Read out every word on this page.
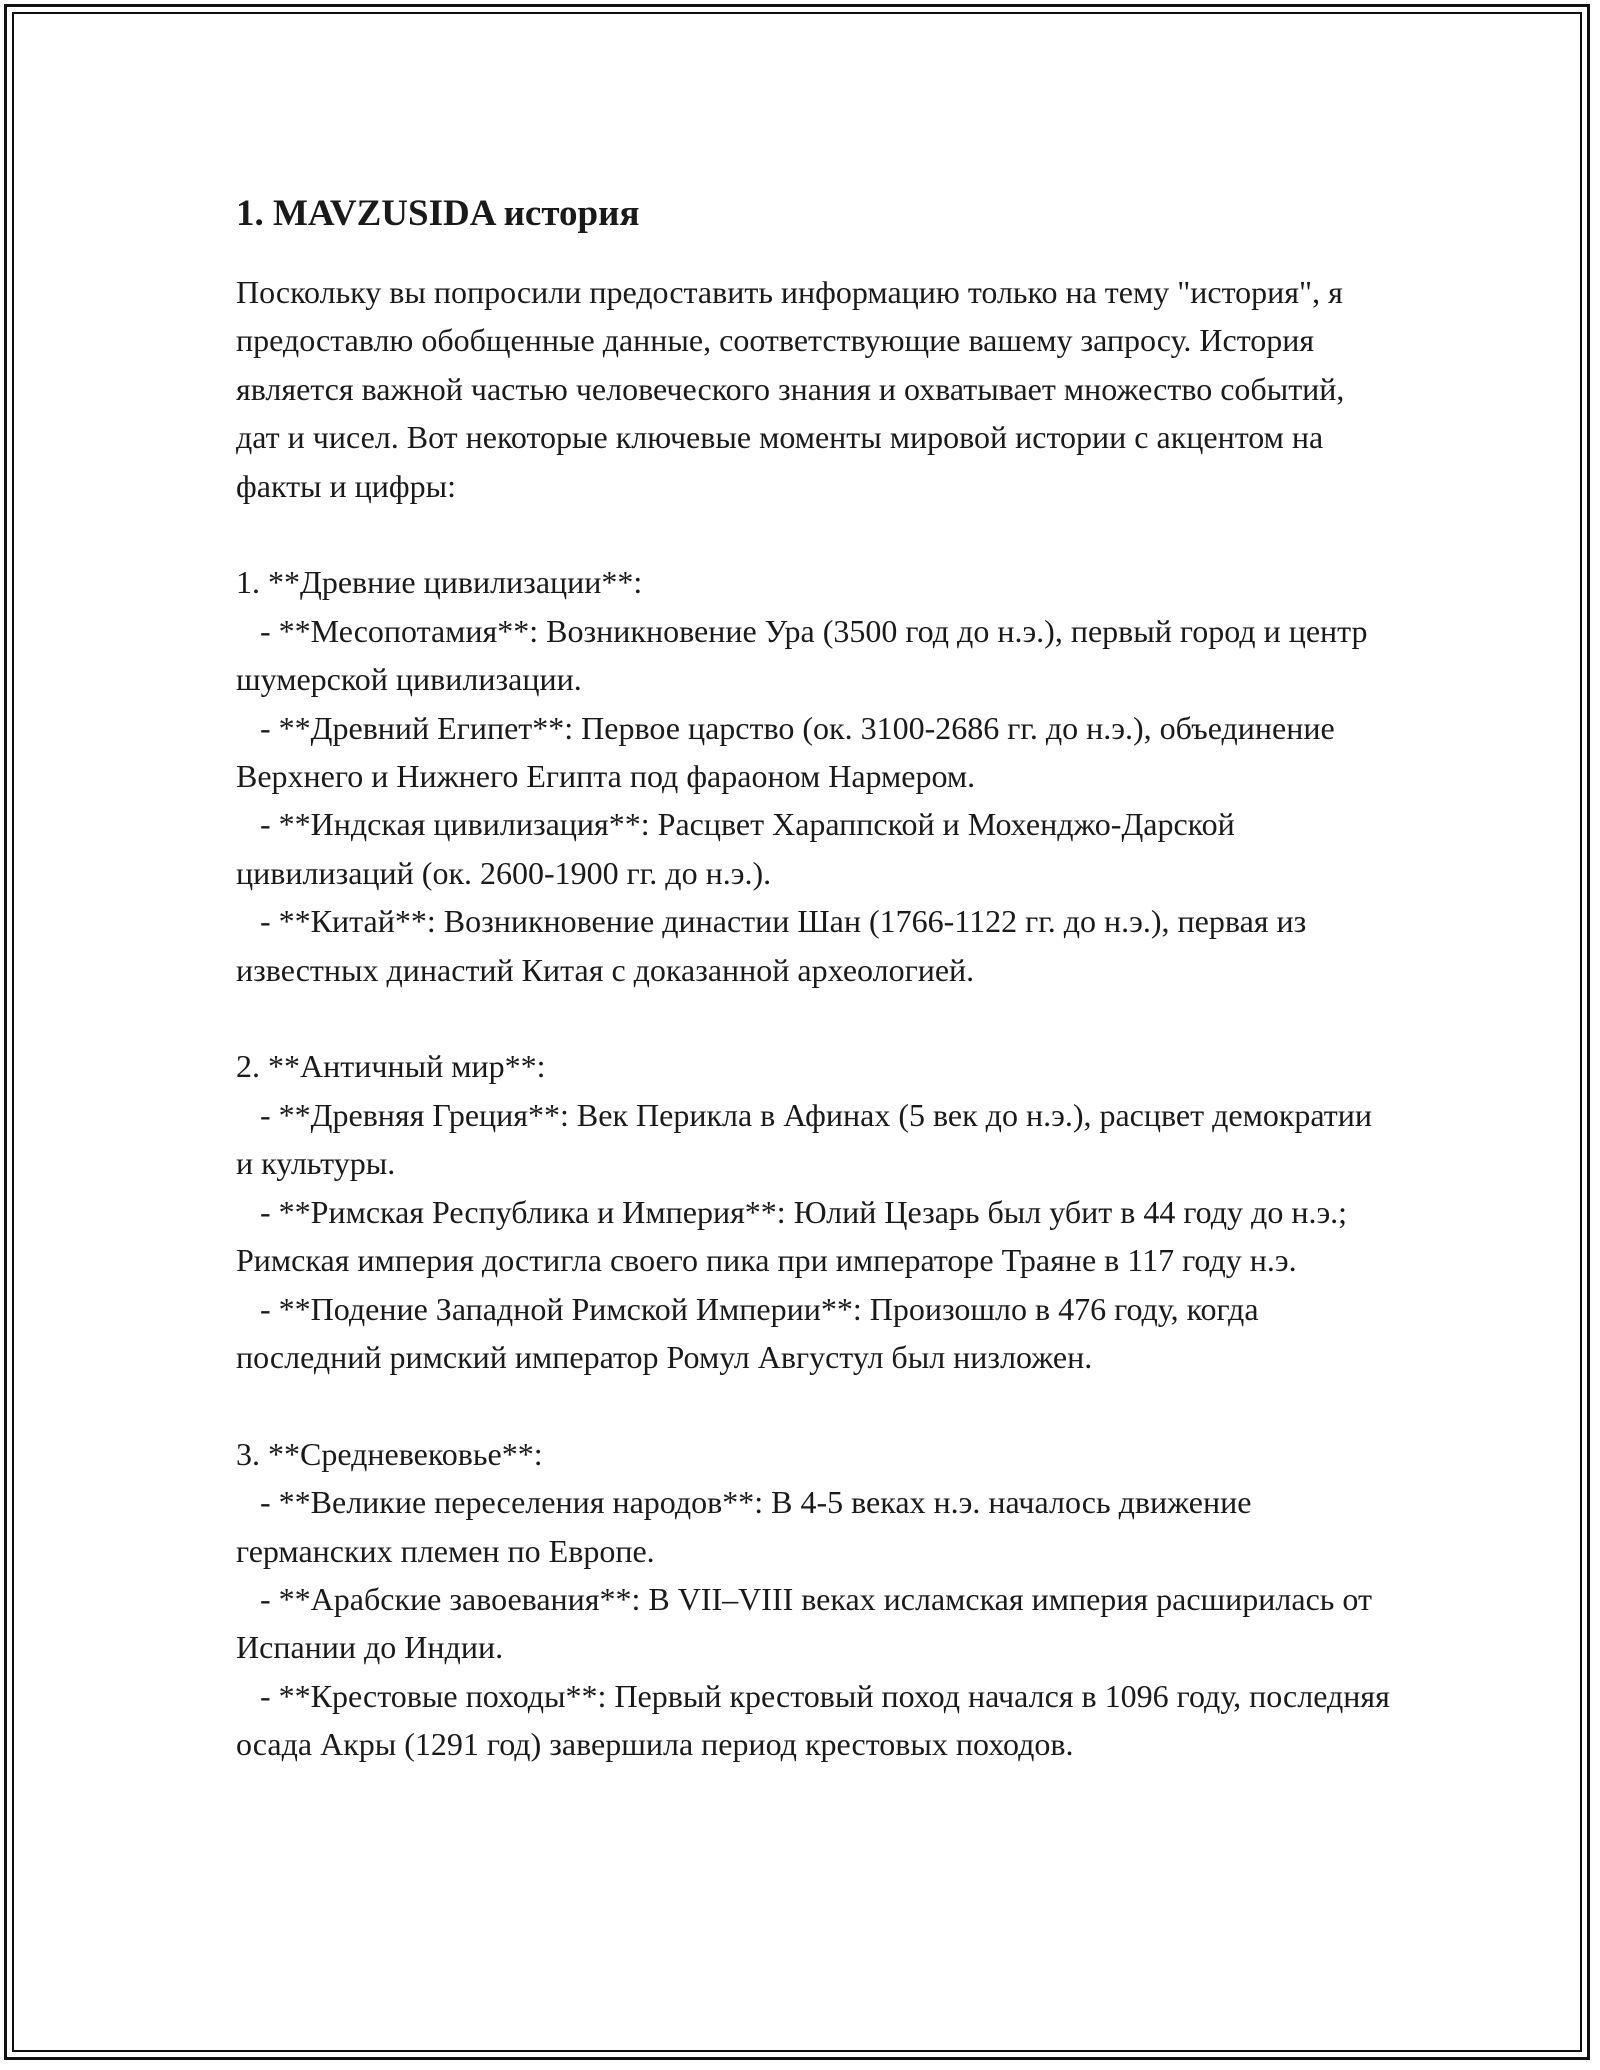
1. MAVZUSIDA история

Поскольку вы попросили предоставить информацию только на тему "история", я предоставлю обобщенные данные, соответствующие вашему запросу. История является важной частью человеческого знания и охватывает множество событий, дат и чисел. Вот некоторые ключевые моменты мировой истории с акцентом на факты и цифры:

1. **Древние цивилизации**:
- **Месопотамия**: Возникновение Ура (3500 год до н.э.), первый город и центр шумерской цивилизации.
- **Древний Египет**: Первое царство (ок. 3100-2686 гг. до н.э.), объединение Верхнего и Нижнего Египта под фараоном Нармером.
- **Индская цивилизация**: Расцвет Хараппской и Мохенджо-Дарской цивилизаций (ок. 2600-1900 гг. до н.э.).
- **Китай**: Возникновение династии Шан (1766-1122 гг. до н.э.), первая из известных династий Китая с доказанной археологией.
2. **Античный мир**:
- **Древняя Греция**: Век Перикла в Афинах (5 век до н.э.), расцвет демократии и культуры.
- **Римская Республика и Империя**: Юлий Цезарь был убит в 44 году до н.э.; Римская империя достигла своего пика при императоре Траяне в 117 году н.э.
- **Подение Западной Римской Империи**: Произошло в 476 году, когда последний римский император Ромул Августул был низложен.
3. **Средневековье**:
- **Великие переселения народов**: В 4-5 веках н.э. началось движение германских племен по Европе.
- **Арабские завоевания**: В VII–VIII веках исламская империя расширилась от Испании до Индии.
- **Крестовые походы**: Первый крестовый поход начался в 1096 году, последняя осада Акры (1291 год) завершила период крестовых походов.
